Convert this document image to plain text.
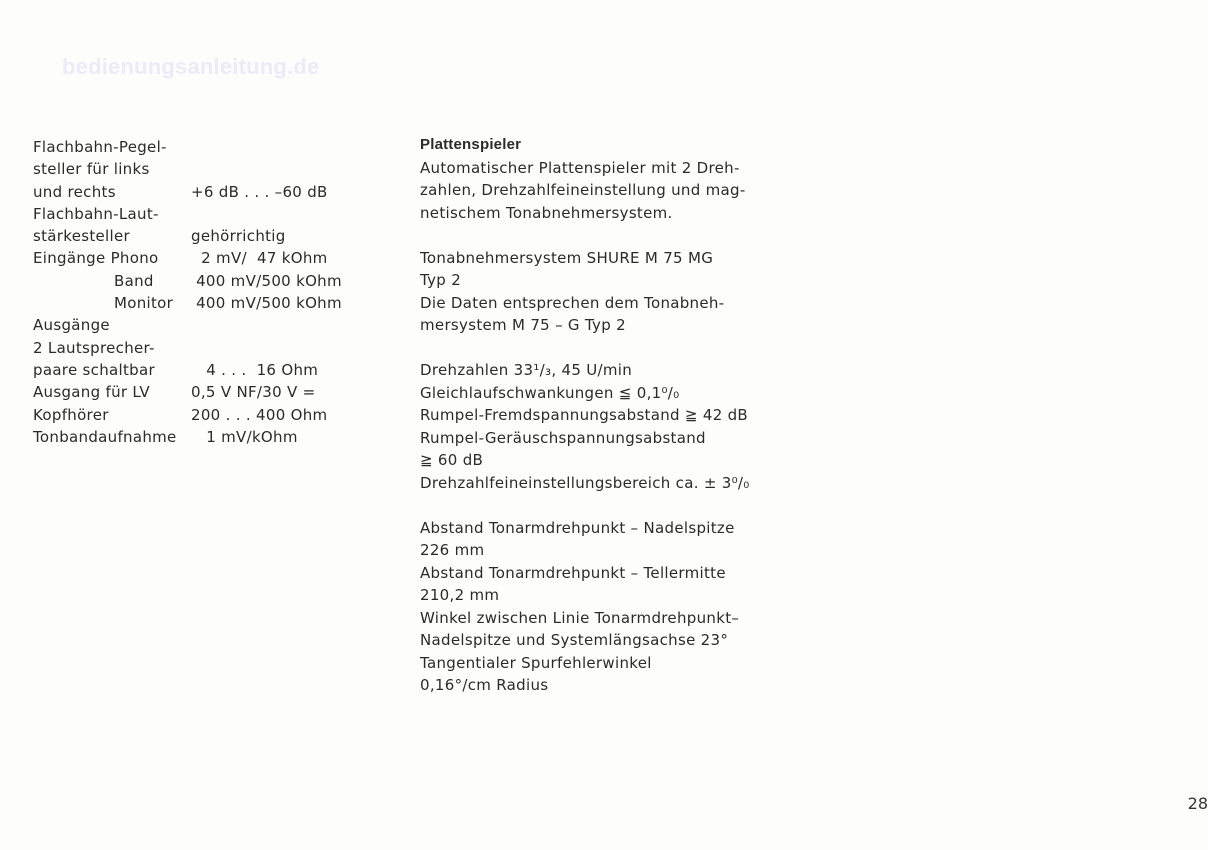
bedienungsanleitung.de
Flachbahn-Pegel-
steller für links
und rechts	+6 dB . . . –60 dB
Flachbahn-Laut-
stärkesteller	gehörrichtig
Eingänge Phono	2 mV/  47 kOhm
Band	400 mV/500 kOhm
Monitor	400 mV/500 kOhm
Ausgänge
2 Lautsprecher-
paare schaltbar	4 . . .  16 Ohm
Ausgang für LV	0,5 V NF/30 V =
Kopfhörer	200 . . . 400 Ohm
Tonbandaufnahme 1 mV/kOhm
Plattenspieler
Automatischer Plattenspieler mit 2 Dreh-
zahlen, Drehzahlfeineinstellung und mag-
netischem Tonabnehmersystem.
Tonabnehmersystem SHURE M 75 MG
Typ 2
Die Daten entsprechen dem Tonabneh-
mersystem M 75 – G Typ 2
Drehzahlen 33¹/₃, 45 U/min
Gleichlaufschwankungen ≦ 0,1⁰/₀
Rumpel-Fremdspannungsabstand ≧ 42 dB
Rumpel-Geräuschspannungsabstand
≧ 60 dB
Drehzahlfeineinstellungsbereich ca. ± 3⁰/₀
Abstand Tonarmdrehpunkt – Nadelspitze
226 mm
Abstand Tonarmdrehpunkt – Tellermitte
210,2 mm
Winkel zwischen Linie Tonarmdrehpunkt–
Nadelspitze und Systemlängsachse 23°
Tangentialer Spurfehlerwinkel
0,16°/cm Radius
28
